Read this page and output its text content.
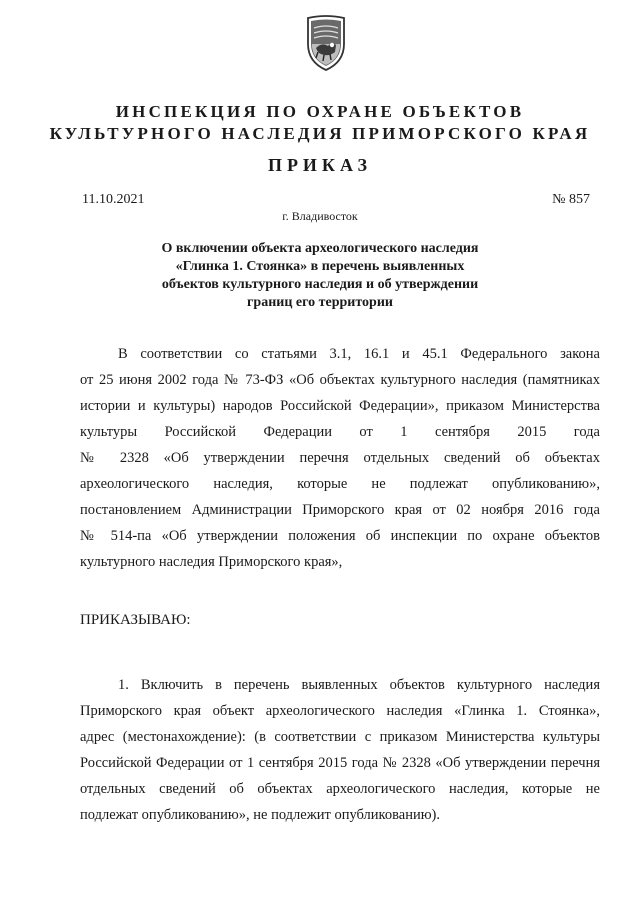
ИНСПЕКЦИЯ ПО ОХРАНЕ ОБЪЕКТОВ
КУЛЬТУРНОГО НАСЛЕДИЯ ПРИМОРСКОГО КРАЯ
ПРИКАЗ
11.10.2021	№ 857
г. Владивосток
О включении объекта археологического наследия
«Глинка 1. Стоянка» в перечень выявленных
объектов культурного наследия и об утверждении
границ его территории
В соответствии со статьями 3.1, 16.1 и 45.1 Федерального закона
от 25 июня 2002 года № 73-ФЗ «Об объектах культурного наследия (памятниках
истории и культуры) народов Российской Федерации», приказом Министерства
культуры Российской Федерации от 1 сентября 2015 года
№ 2328 «Об утверждении перечня отдельных сведений об объектах
археологического наследия, которые не подлежат опубликованию»,
постановлением Администрации Приморского края от 02 ноября 2016 года
№ 514-па «Об утверждении положения об инспекции по охране объектов
культурного наследия Приморского края»,
ПРИКАЗЫВАЮ:
1. Включить в перечень выявленных объектов культурного наследия
Приморского края объект археологического наследия «Глинка 1. Стоянка»,
адрес (местонахождение): (в соответствии с приказом Министерства культуры
Российской Федерации от 1 сентября 2015 года № 2328 «Об утверждении перечня
отдельных сведений об объектах археологического наследия, которые не
подлежат опубликованию», не подлежит опубликованию).
